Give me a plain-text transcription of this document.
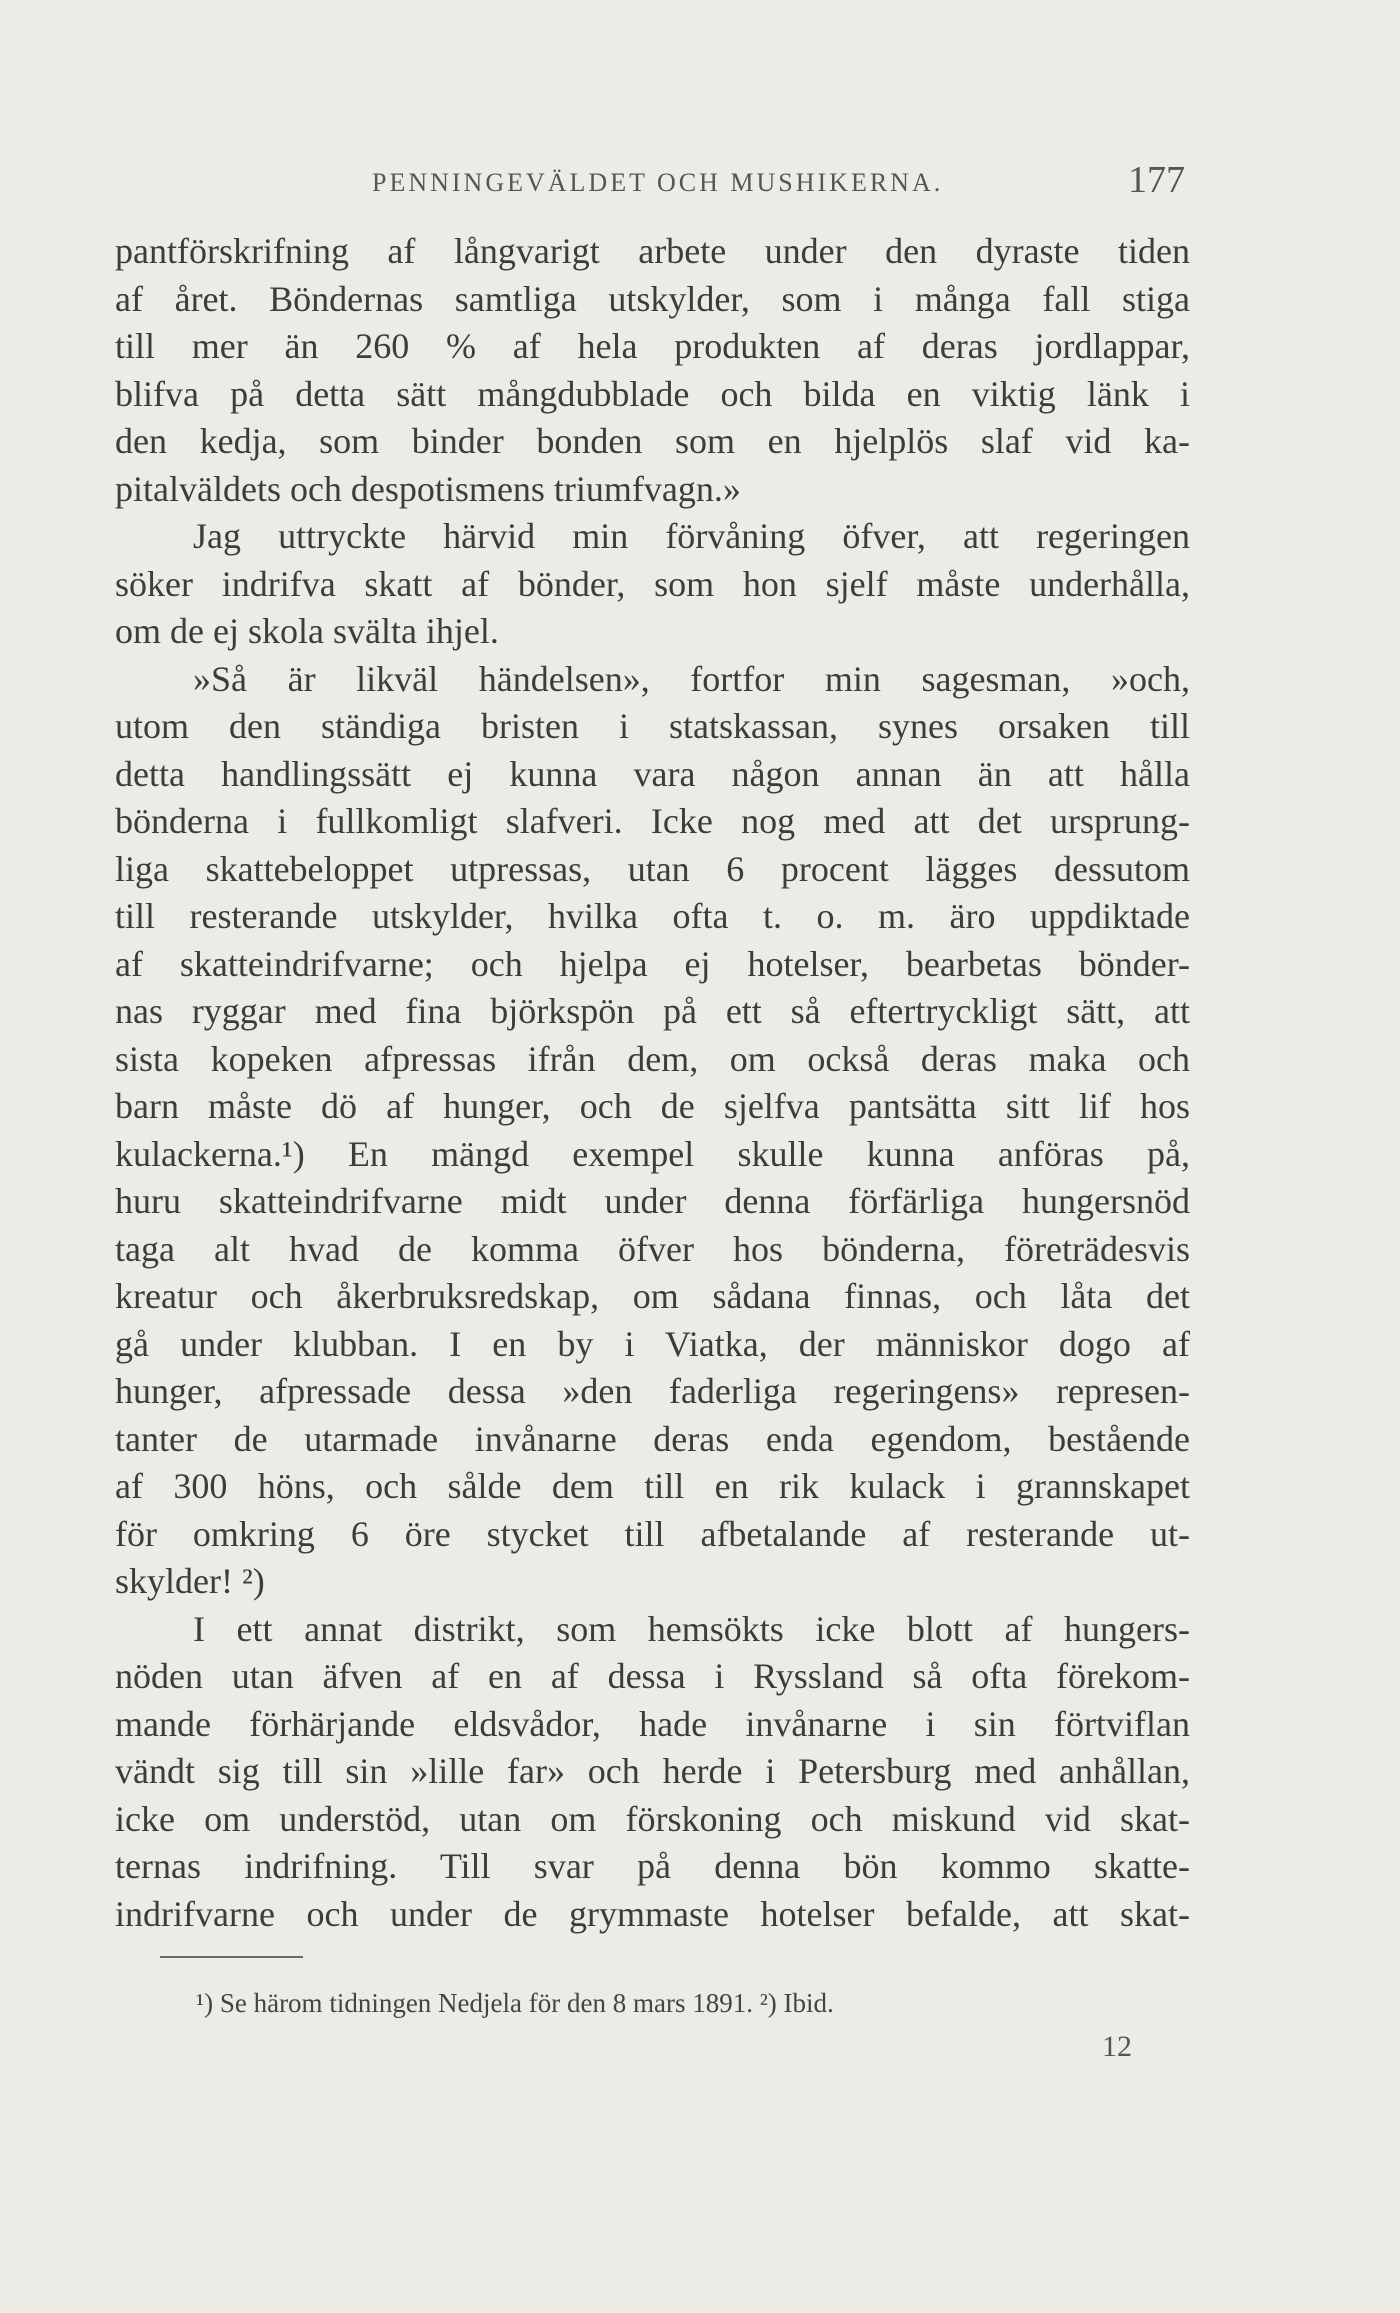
PENNINGEVÄLDET OCH MUSHIKERNA.	177
pantförskrifning af långvarigt arbete under den dyraste tiden
af året. Böndernas samtliga utskylder, som i många fall stiga
till mer än 260 % af hela produkten af deras jordlappar,
blifva på detta sätt mångdubblade och bilda en viktig länk i
den kedja, som binder bonden som en hjelplös slaf vid ka-
pitalväldets och despotismens triumfvagn.»
Jag uttryckte härvid min förvåning öfver, att regeringen
söker indrifva skatt af bönder, som hon sjelf måste underhålla,
om de ej skola svälta ihjel.
»Så är likväl händelsen», fortfor min sagesman, »och,
utom den ständiga bristen i statskassan, synes orsaken till
detta handlingssätt ej kunna vara någon annan än att hålla
bönderna i fullkomligt slafveri. Icke nog med att det ursprung-
liga skattebeloppet utpressas, utan 6 procent lägges dessutom
till resterande utskylder, hvilka ofta t. o. m. äro uppdiktade
af skatteindrifvarne; och hjelpa ej hotelser, bearbetas bönder-
nas ryggar med fina björkspön på ett så eftertryckligt sätt, att
sista kopeken afpressas ifrån dem, om också deras maka och
barn måste dö af hunger, och de sjelfva pantsätta sitt lif hos
kulackerna.¹) En mängd exempel skulle kunna anföras på,
huru skatteindrifvarne midt under denna förfärliga hungersnöd
taga alt hvad de komma öfver hos bönderna, företrädesvis
kreatur och åkerbruksredskap, om sådana finnas, och låta det
gå under klubban. I en by i Viatka, der människor dogo af
hunger, afpressade dessa »den faderliga regeringens» represen-
tanter de utarmade invånarne deras enda egendom, bestående
af 300 höns, och sålde dem till en rik kulack i grannskapet
för omkring 6 öre stycket till afbetalande af resterande ut-
skylder! ²)
I ett annat distrikt, som hemsökts icke blott af hungers-
nöden utan äfven af en af dessa i Ryssland så ofta förekom-
mande förhärjande eldsvådor, hade invånarne i sin förtviflan
vändt sig till sin »lille far» och herde i Petersburg med anhållan,
icke om understöd, utan om förskoning och miskund vid skat-
ternas indrifning. Till svar på denna bön kommo skatte-
indrifvarne och under de grymmaste hotelser befalde, att skat-
¹) Se härom tidningen Nedjela för den 8 mars 1891. ²) Ibid.
12
